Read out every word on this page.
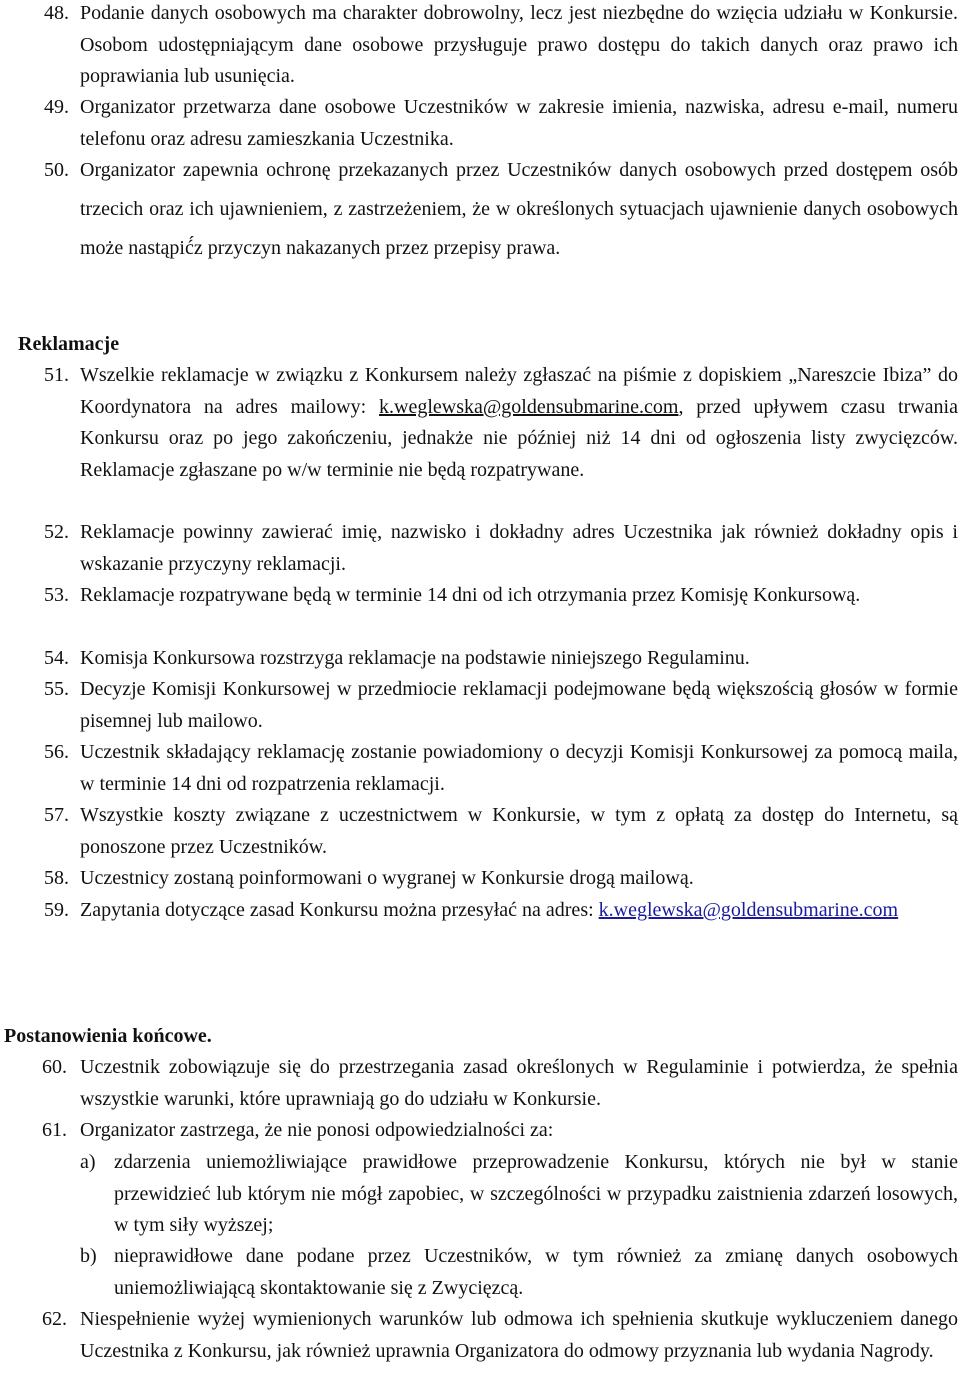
48. Podanie danych osobowych ma charakter dobrowolny, lecz jest niezbędne do wzięcia udziału w Konkursie. Osobom udostępniającym dane osobowe przysługuje prawo dostępu do takich danych oraz prawo ich poprawiania lub usunięcia.
49. Organizator przetwarza dane osobowe Uczestników w zakresie imienia, nazwiska, adresu e-mail, numeru telefonu oraz adresu zamieszkania Uczestnika.
50. Organizator zapewnia ochronę przekazanych przez Uczestników danych osobowych przed dostępem osób trzecich oraz ich ujawnieniem, z zastrzeżeniem, że w określonych sytuacjach ujawnienie danych osobowych może nastąpić́z przyczyn nakazanych przez przepisy prawa.
Reklamacje
51. Wszelkie reklamacje w związku z Konkursem należy zgłaszać na piśmie z dopiskiem „Nareszcie Ibiza” do Koordynatora na adres mailowy: k.weglewska@goldensubmarine.com, przed upływem czasu trwania Konkursu oraz po jego zakończeniu, jednakże nie później niż 14 dni od ogłoszenia listy zwycięzców. Reklamacje zgłaszane po w/w terminie nie będą rozpatrywane.
52. Reklamacje powinny zawierać imię, nazwisko i dokładny adres Uczestnika jak również dokładny opis i wskazanie przyczyny reklamacji.
53. Reklamacje rozpatrywane będą w terminie 14 dni od ich otrzymania przez Komisję Konkursową.
54. Komisja Konkursowa rozstrzyga reklamacje na podstawie niniejszego Regulaminu.
55. Decyzje Komisji Konkursowej w przedmiocie reklamacji podejmowane będą większością głosów w formie pisemnej lub mailowo.
56. Uczestnik składający reklamację zostanie powiadomiony o decyzji Komisji Konkursowej za pomocą maila, w terminie 14 dni od rozpatrzenia reklamacji.
57. Wszystkie koszty związane z uczestnictwem w Konkursie, w tym z opłatą za dostęp do Internetu, są ponoszone przez Uczestników.
58. Uczestnicy zostaną poinformowani o wygranej w Konkursie drogą mailową.
59. Zapytania dotyczące zasad Konkursu można przesyłać na adres: k.weglewska@goldensubmarine.com
Postanowienia końcowe.
60. Uczestnik zobowiązuje się do przestrzegania zasad określonych w Regulaminie i potwierdza, że spełnia wszystkie warunki, które uprawniają go do udziału w Konkursie.
61. Organizator zastrzega, że nie ponosi odpowiedzialności za:
a) zdarzenia uniemożliwiające prawidłowe przeprowadzenie Konkursu, których nie był w stanie przewidzieć lub którym nie mógł zapobiec, w szczególności w przypadku zaistnienia zdarzeń losowych, w tym siły wyższej;
b) nieprawidłowe dane podane przez Uczestników, w tym również za zmianę danych osobowych uniemożliwiającą skontaktowanie się z Zwycięzcą.
62. Niespełnienie wyżej wymienionych warunków lub odmowa ich spełnienia skutkuje wykluczeniem danego Uczestnika z Konkursu, jak również uprawnia Organizatora do odmowy przyznania lub wydania Nagrody.
